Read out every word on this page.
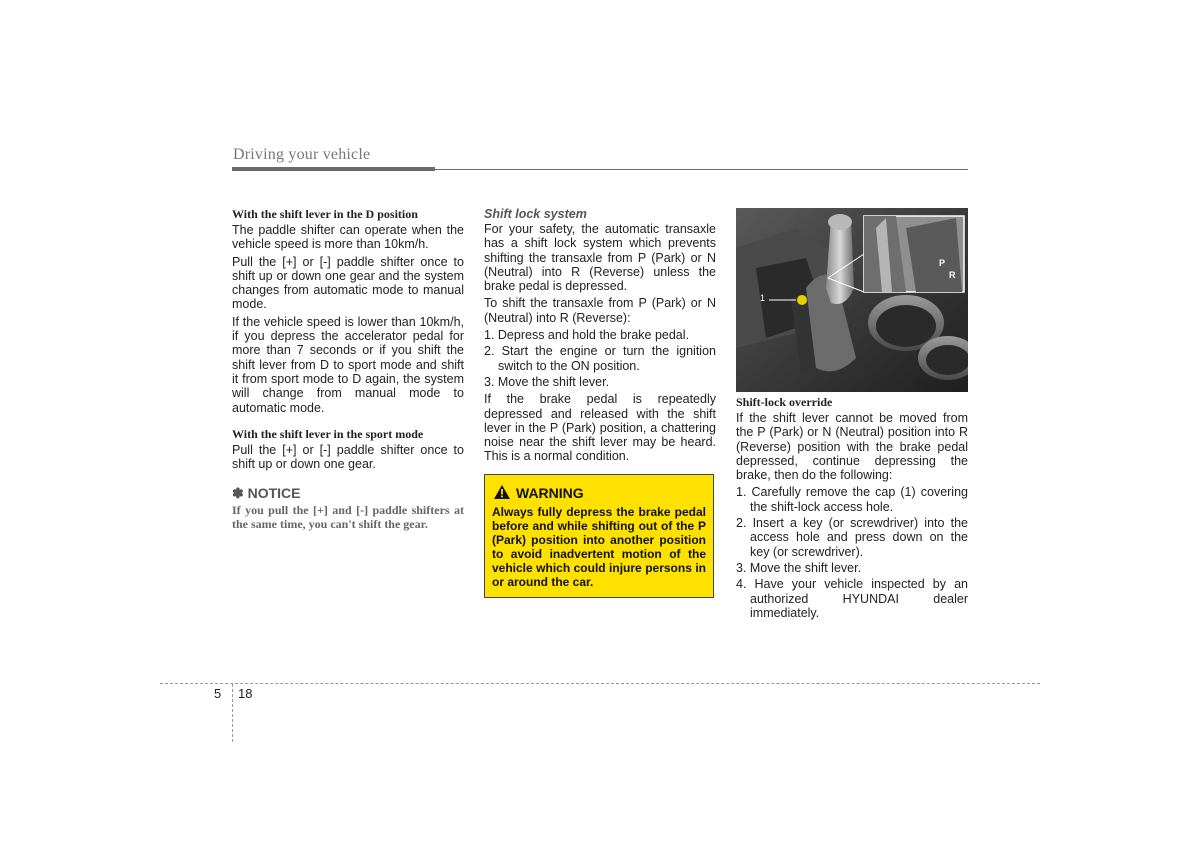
Driving your vehicle

With the shift lever in the D position

The paddle shifter can operate when the vehicle speed is more than 10km/h.

Pull the [+] or [-] paddle shifter once to shift up or down one gear and the system changes from automatic mode to manual mode.

If the vehicle speed is lower than 10km/h, if you depress the accelerator pedal for more than 7 seconds or if you shift the shift lever from D to sport mode and shift it from sport mode to D again, the system will change from manual mode to automatic mode.

With the shift lever in the sport mode

Pull the [+] or [-] paddle shifter once to shift up or down one gear.

✽ NOTICE

If you pull the [+] and [-] paddle shifters at the same time, you can't shift the gear.

Shift lock system

For your safety, the automatic transaxle has a shift lock system which prevents shifting the transaxle from P (Park) or N (Neutral) into R (Reverse) unless the brake pedal is depressed.

To shift the transaxle from P (Park) or N (Neutral) into R (Reverse):

1. Depress and hold the brake pedal.
2. Start the engine or turn the ignition switch to the ON position.
3. Move the shift lever.

If the brake pedal is repeatedly depressed and released with the shift lever in the P (Park) position, a chattering noise near the shift lever may be heard. This is a normal condition.

WARNING

Always fully depress the brake pedal before and while shifting out of the P (Park) position into another position to avoid inadvertent motion of the vehicle which could injure persons in or around the car.

1
P
R
OYF059011N

Shift-lock override

If the shift lever cannot be moved from the P (Park) or N (Neutral) position into R (Reverse) position with the brake pedal depressed, continue depressing the brake, then do the following:

1. Carefully remove the cap (1) covering the shift-lock access hole.
2. Insert a key (or screwdriver) into the access hole and press down on the key (or screwdriver).
3. Move the shift lever.
4. Have your vehicle inspected by an authorized HYUNDAI dealer immediately.
5 18
